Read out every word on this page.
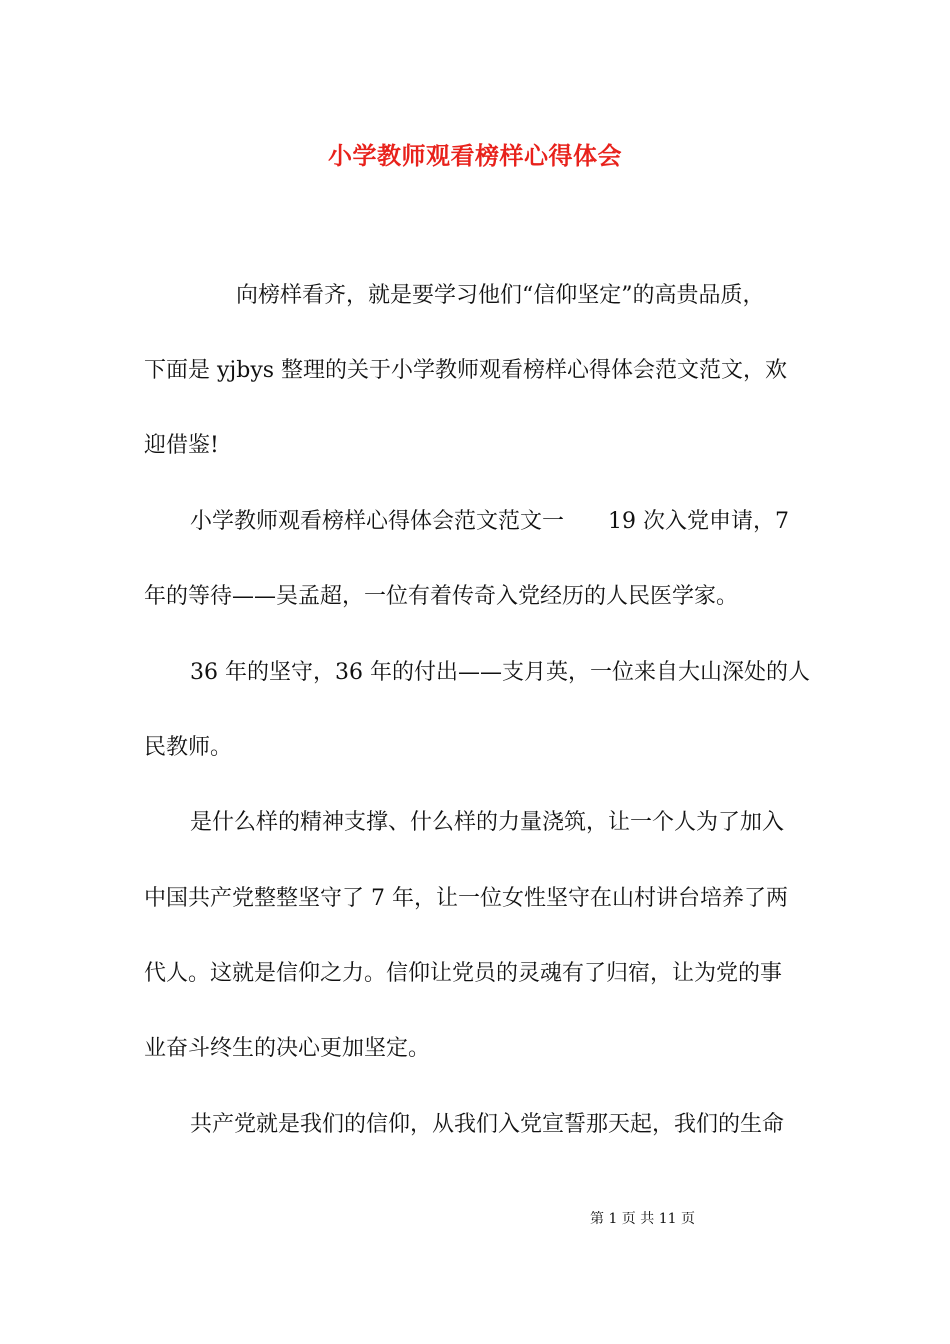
小学教师观看榜样心得体会
向榜样看齐，就是要学习他们“信仰坚定”的高贵品质，
下面是 yjbys 整理的关于小学教师观看榜样心得体会范文范文，欢
迎借鉴!
小学教师观看榜样心得体会范文范文一　　19 次入党申请，7
年的等待——吴孟超，一位有着传奇入党经历的人民医学家。
36 年的坚守，36 年的付出——支月英，一位来自大山深处的人
民教师。
是什么样的精神支撑、什么样的力量浇筑，让一个人为了加入
中国共产党整整坚守了 7 年，让一位女性坚守在山村讲台培养了两
代人。这就是信仰之力。信仰让党员的灵魂有了归宿，让为党的事
业奋斗终生的决心更加坚定。
共产党就是我们的信仰，从我们入党宣誓那天起，我们的生命
第 1 页 共 11 页
